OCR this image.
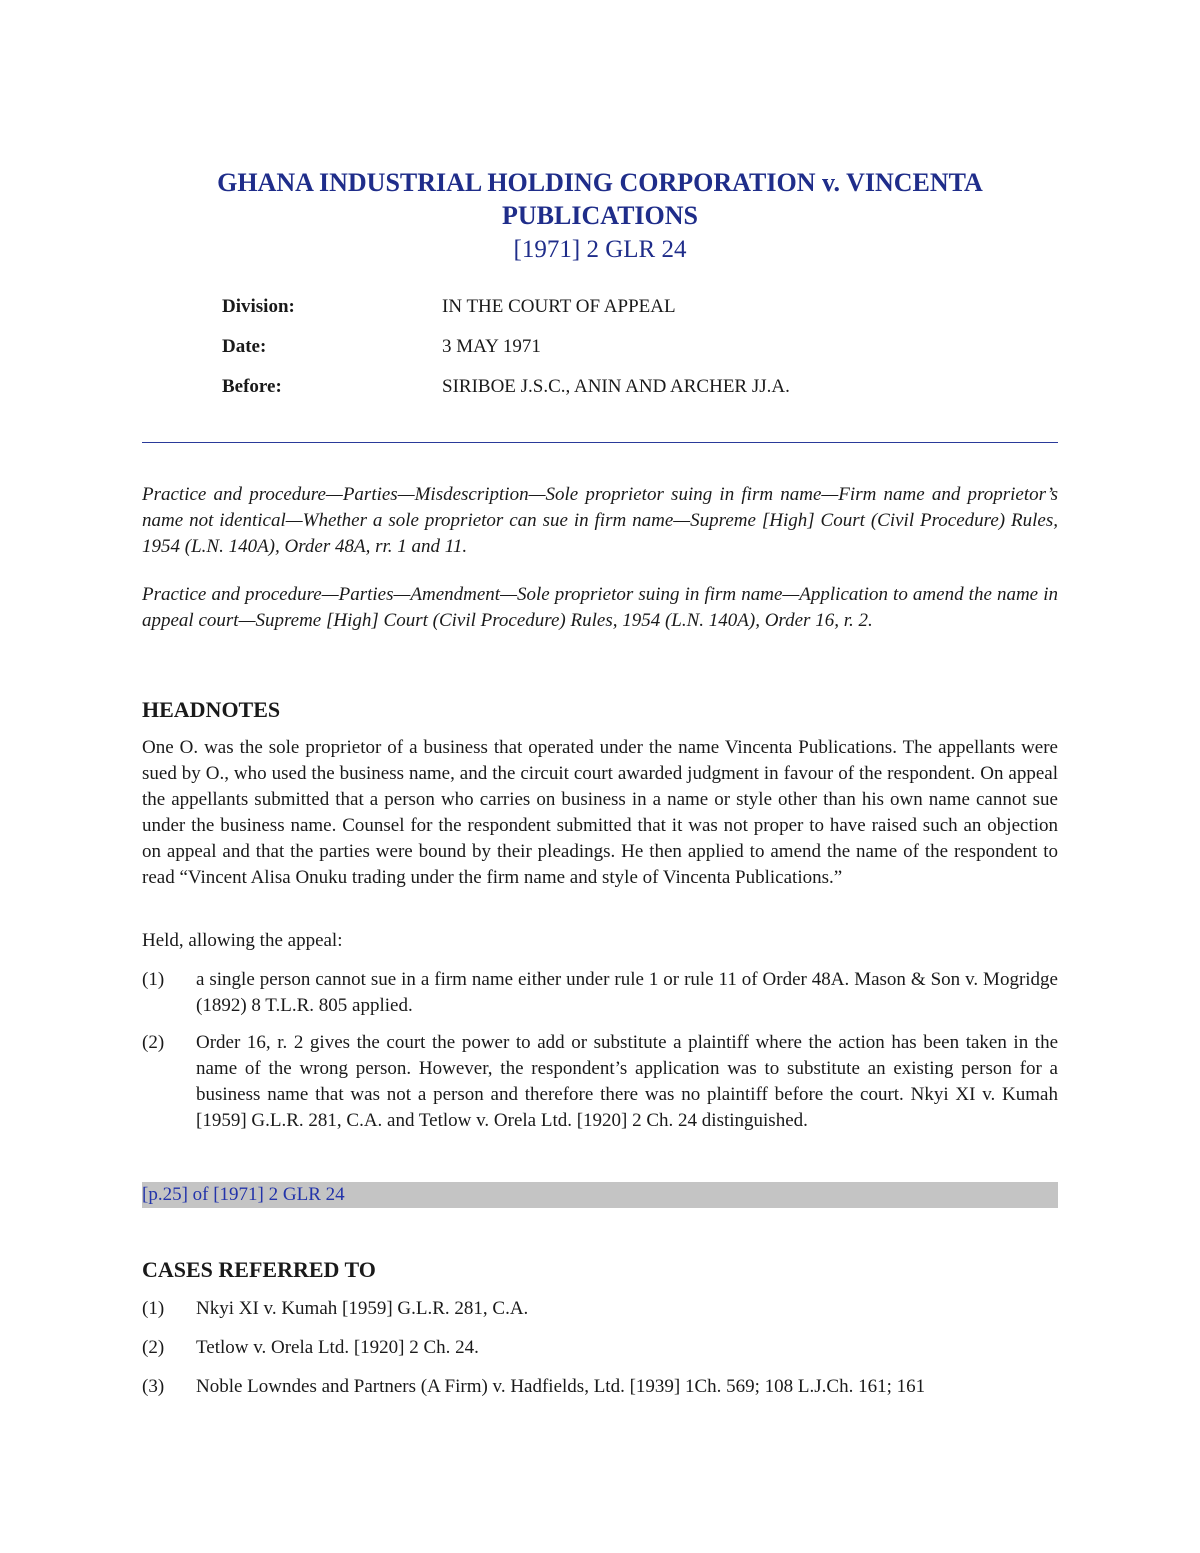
GHANA INDUSTRIAL HOLDING CORPORATION v. VINCENTA PUBLICATIONS
[1971] 2 GLR 24
Division:	IN THE COURT OF APPEAL
Date:	3 MAY 1971
Before:	SIRIBOE J.S.C., ANIN AND ARCHER JJ.A.
Practice and procedure—Parties—Misdescription—Sole proprietor suing in firm name—Firm name and proprietor’s name not identical—Whether a sole proprietor can sue in firm name—Supreme [High] Court (Civil Procedure) Rules, 1954 (L.N. 140A), Order 48A, rr. 1 and 11.
Practice and procedure—Parties—Amendment—Sole proprietor suing in firm name—Application to amend the name in appeal court—Supreme [High] Court (Civil Procedure) Rules, 1954 (L.N. 140A), Order 16, r. 2.
HEADNOTES
One O. was the sole proprietor of a business that operated under the name Vincenta Publications. The appellants were sued by O., who used the business name, and the circuit court awarded judgment in favour of the respondent. On appeal the appellants submitted that a person who carries on business in a name or style other than his own name cannot sue under the business name. Counsel for the respondent submitted that it was not proper to have raised such an objection on appeal and that the parties were bound by their pleadings. He then applied to amend the name of the respondent to read “Vincent Alisa Onuku trading under the firm name and style of Vincenta Publications.”
Held, allowing the appeal:
(1) a single person cannot sue in a firm name either under rule 1 or rule 11 of Order 48A. Mason & Son v. Mogridge (1892) 8 T.L.R. 805 applied.
(2) Order 16, r. 2 gives the court the power to add or substitute a plaintiff where the action has been taken in the name of the wrong person. However, the respondent’s application was to substitute an existing person for a business name that was not a person and therefore there was no plaintiff before the court. Nkyi XI v. Kumah [1959] G.L.R. 281, C.A. and Tetlow v. Orela Ltd. [1920] 2 Ch. 24 distinguished.
[p.25] of [1971] 2 GLR 24
CASES REFERRED TO
(1) Nkyi XI v. Kumah [1959] G.L.R. 281, C.A.
(2) Tetlow v. Orela Ltd. [1920] 2 Ch. 24.
(3) Noble Lowndes and Partners (A Firm) v. Hadfields, Ltd. [1939] 1Ch. 569; 108 L.J.Ch. 161; 161
